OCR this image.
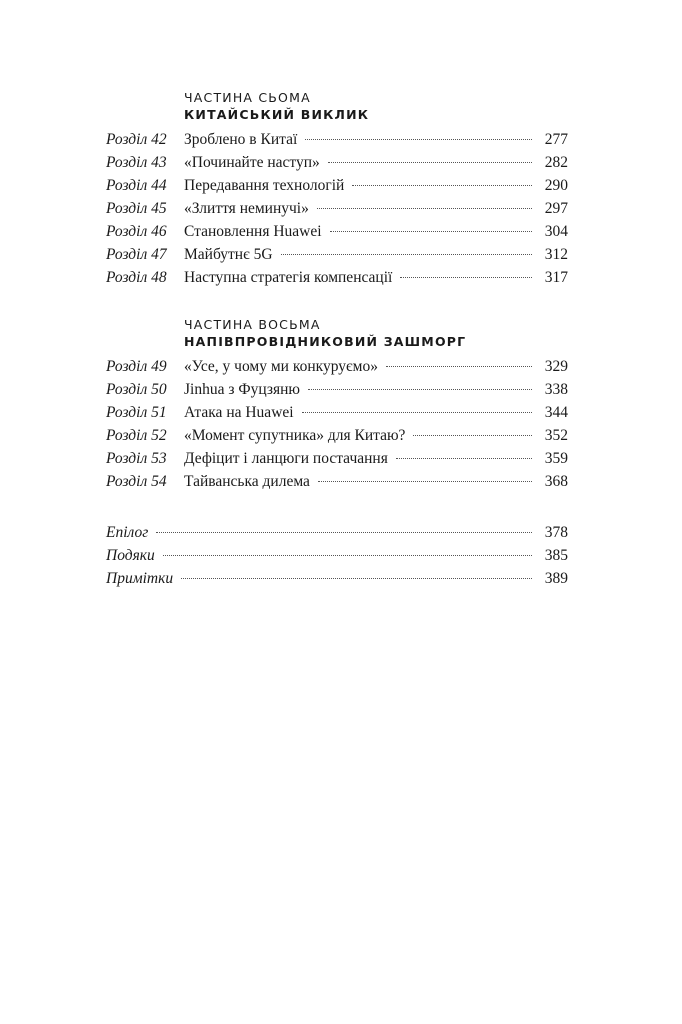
ЧАСТИНА СЬОМА

КИТАЙСЬКИЙ ВИКЛИК

Розділ 42	Зроблено в Китаї	277
Розділ 43	«Починайте наступ»	282
Розділ 44	Передавання технологій	290
Розділ 45	«Злиття неминучі»	297
Розділ 46	Становлення Huawei	304
Розділ 47	Майбутнє 5G	312
Розділ 48	Наступна стратегія компенсації	317

ЧАСТИНА ВОСЬМА

НАПІВПРОВІДНИКОВИЙ ЗАШМОРГ

Розділ 49	«Усе, у чому ми конкуруємо»	329
Розділ 50	Jinhua з Фуцзяню	338
Розділ 51	Атака на Huawei	344
Розділ 52	«Момент супутника» для Китаю?	352
Розділ 53	Дефіцит і ланцюги постачання	359
Розділ 54	Тайванська дилема	368
Епілог	378
Подяки	385
Примітки	389
